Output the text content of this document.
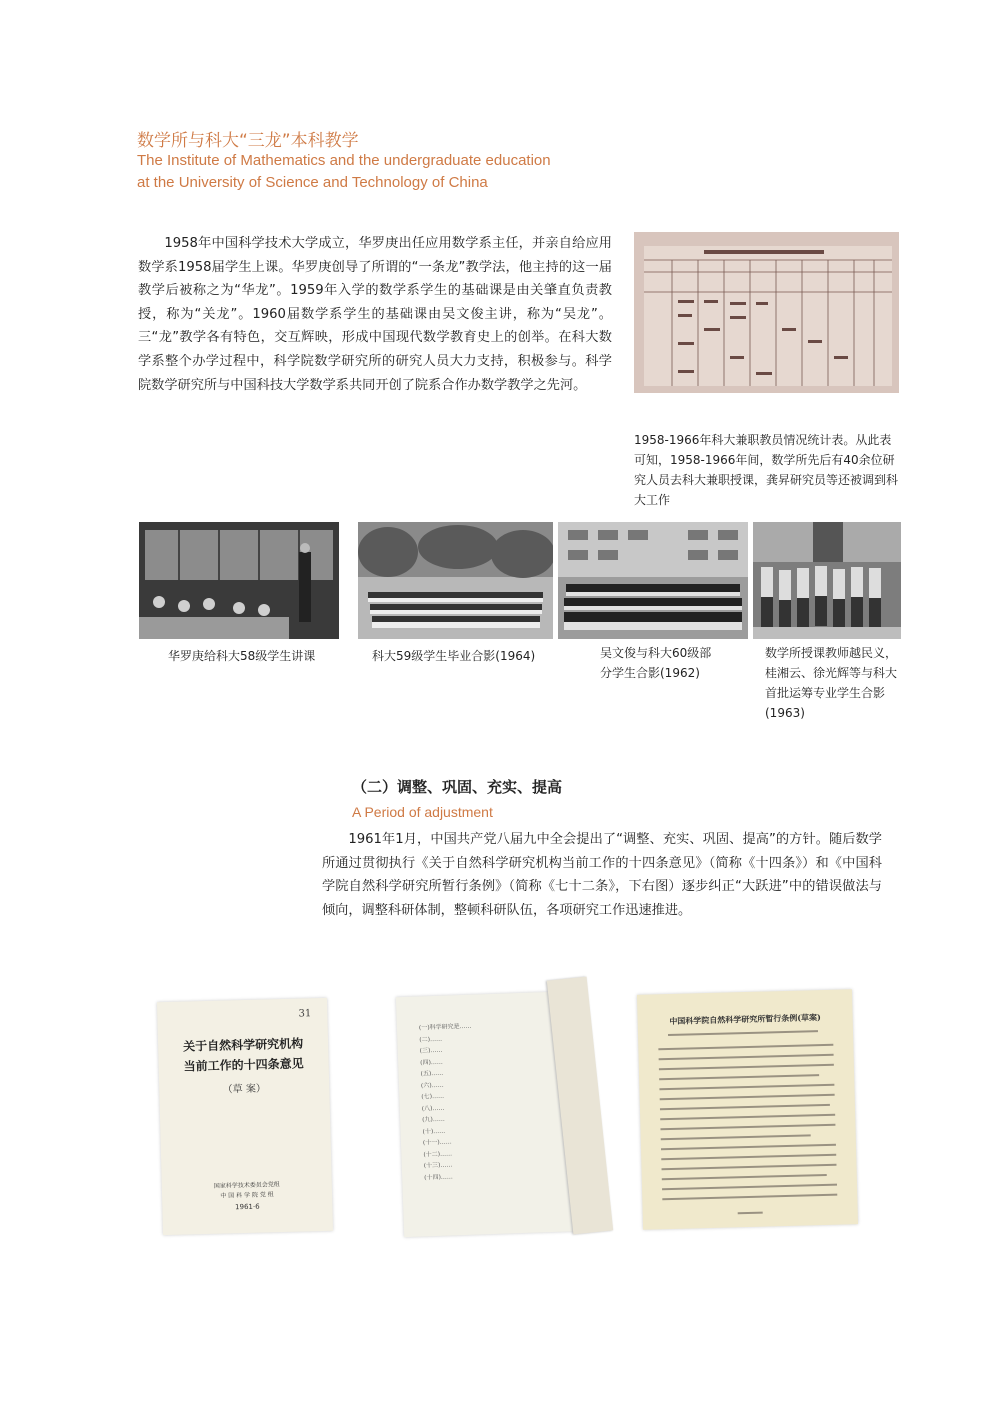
数学所与科大“三龙”本科教学
The Institute of Mathematics and the undergraduate education
at the University of Science and Technology of China
1958年中国科学技术大学成立，华罗庚出任应用数学系主任，并亲自给应用数学系1958届学生上课。华罗庚创导了所谓的“一条龙”教学法，他主持的这一届教学后被称之为“华龙”。1959年入学的数学系学生的基础课是由关肇直负责教授，称为“关龙”。1960届数学系学生的基础课由吴文俊主讲，称为“吴龙”。三“龙”教学各有特色，交互辉映，形成中国现代数学教育史上的创举。在科大数学系整个办学过程中，科学院数学研究所的研究人员大力支持，积极参与。科学院数学研究所与中国科技大学数学系共同开创了院系合作办数学教学之先河。
1958-1966年科大兼职教员情况统计表。从此表可知，1958-1966年间，数学所先后有40余位研究人员去科大兼职授课，龚昇研究员等还被调到科大工作
华罗庚给科大58级学生讲课	科大59级学生毕业合影(1964)	吴文俊与科大60级部分学生合影(1962)
数学所授课教师越民义，桂湘云、徐光辉等与科大首批运筹专业学生合影(1963)
（二）调整、巩固、充实、提高
A Period of adjustment
1961年1月，中国共产党八届九中全会提出了“调整、充实、巩固、提高”的方针。随后数学所通过贯彻执行《关于自然科学研究机构当前工作的十四条意见》（简称《十四条》）和《中国科学院自然科学研究所暂行条例》（简称《七十二条》，下右图）逐步纠正“大跃进”中的错误做法与倾向，调整科研体制，整顿科研队伍，各项研究工作迅速推进。
31
关于自然科学研究机构
当前工作的十四条意见
（草 案）
国家科学技术委员会党组
中 国 科 学 院 党 组
1961·6
(一)科学研究是……
(二)……
(三)……
(四)……
(五)……
(六)……
(七)……
(八)……
(九)……
(十)……
(十一)……
(十二)……
(十三)……
(十四)……
中国科学院自然科学研究所暂行条例(草案)
